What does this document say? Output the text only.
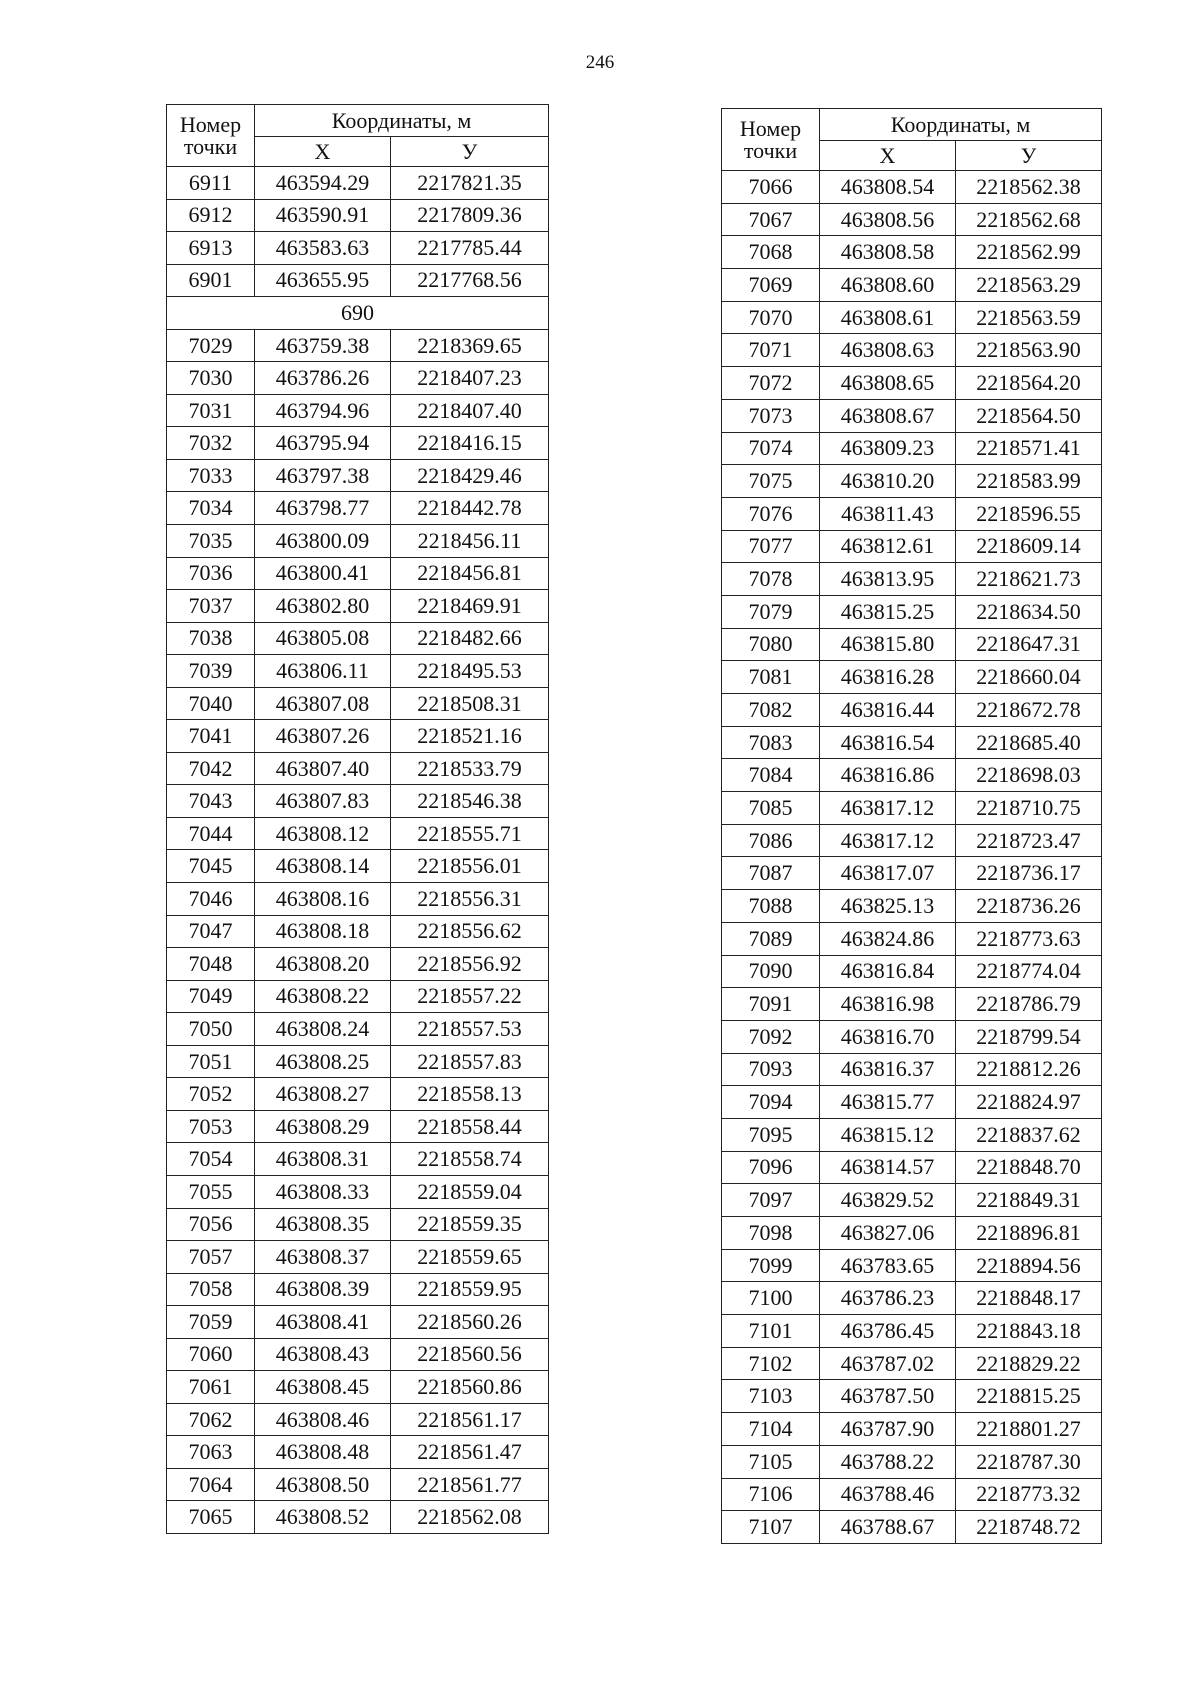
246
Номер
точки	Координаты, м	
	X	У
6911	463594.29	2217821.35
6912	463590.91	2217809.36
6913	463583.63	2217785.44
6901	463655.95	2217768.56
690		
7029	463759.38	2218369.65
7030	463786.26	2218407.23
7031	463794.96	2218407.40
7032	463795.94	2218416.15
7033	463797.38	2218429.46
7034	463798.77	2218442.78
7035	463800.09	2218456.11
7036	463800.41	2218456.81
7037	463802.80	2218469.91
7038	463805.08	2218482.66
7039	463806.11	2218495.53
7040	463807.08	2218508.31
7041	463807.26	2218521.16
7042	463807.40	2218533.79
7043	463807.83	2218546.38
7044	463808.12	2218555.71
7045	463808.14	2218556.01
7046	463808.16	2218556.31
7047	463808.18	2218556.62
7048	463808.20	2218556.92
7049	463808.22	2218557.22
7050	463808.24	2218557.53
7051	463808.25	2218557.83
7052	463808.27	2218558.13
7053	463808.29	2218558.44
7054	463808.31	2218558.74
7055	463808.33	2218559.04
7056	463808.35	2218559.35
7057	463808.37	2218559.65
7058	463808.39	2218559.95
7059	463808.41	2218560.26
7060	463808.43	2218560.56
7061	463808.45	2218560.86
7062	463808.46	2218561.17
7063	463808.48	2218561.47
7064	463808.50	2218561.77
7065	463808.52	2218562.08
Номер
точки	Координаты, м	
	X	У
7066	463808.54	2218562.38
7067	463808.56	2218562.68
7068	463808.58	2218562.99
7069	463808.60	2218563.29
7070	463808.61	2218563.59
7071	463808.63	2218563.90
7072	463808.65	2218564.20
7073	463808.67	2218564.50
7074	463809.23	2218571.41
7075	463810.20	2218583.99
7076	463811.43	2218596.55
7077	463812.61	2218609.14
7078	463813.95	2218621.73
7079	463815.25	2218634.50
7080	463815.80	2218647.31
7081	463816.28	2218660.04
7082	463816.44	2218672.78
7083	463816.54	2218685.40
7084	463816.86	2218698.03
7085	463817.12	2218710.75
7086	463817.12	2218723.47
7087	463817.07	2218736.17
7088	463825.13	2218736.26
7089	463824.86	2218773.63
7090	463816.84	2218774.04
7091	463816.98	2218786.79
7092	463816.70	2218799.54
7093	463816.37	2218812.26
7094	463815.77	2218824.97
7095	463815.12	2218837.62
7096	463814.57	2218848.70
7097	463829.52	2218849.31
7098	463827.06	2218896.81
7099	463783.65	2218894.56
7100	463786.23	2218848.17
7101	463786.45	2218843.18
7102	463787.02	2218829.22
7103	463787.50	2218815.25
7104	463787.90	2218801.27
7105	463788.22	2218787.30
7106	463788.46	2218773.32
7107	463788.67	2218748.72
